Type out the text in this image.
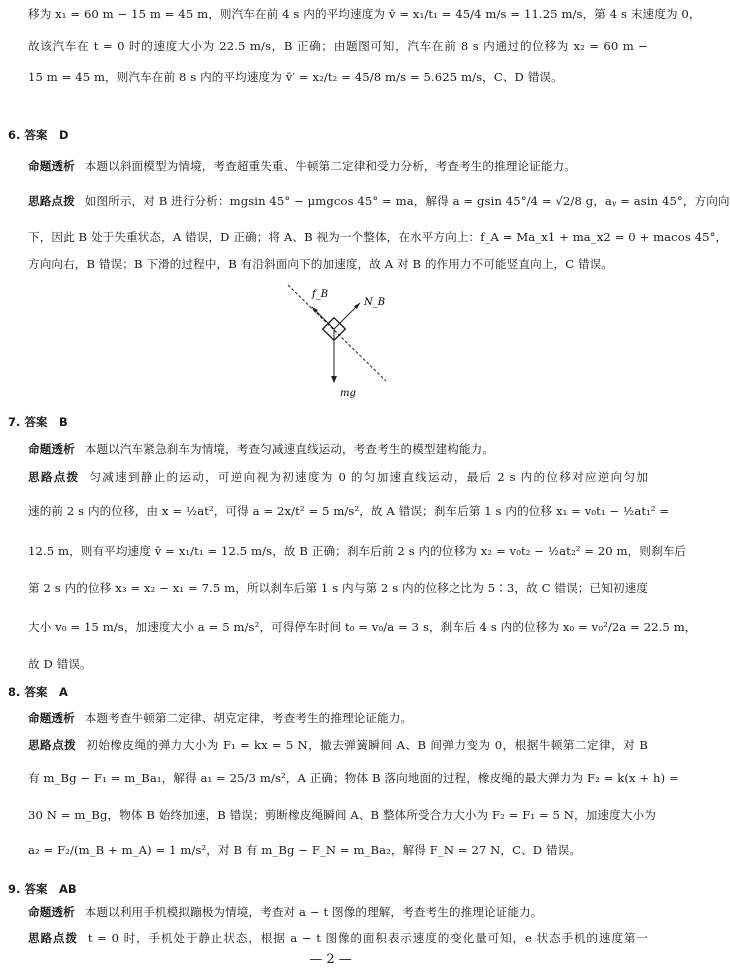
移为 x₁ = 60 m − 15 m = 45 m，则汽车在前 4 s 内的平均速度为 v̄ = x₁/t₁ = 45/4 m/s = 11.25 m/s，第 4 s 末速度为 0，
故该汽车在 t = 0 时的速度大小为 22.5 m/s，B 正确；由题图可知，汽车在前 8 s 内通过的位移为 x₂ = 60 m −
15 m = 45 m，则汽车在前 8 s 内的平均速度为 v̄′ = x₂/t₂ = 45/8 m/s = 5.625 m/s，C、D 错误。
6. 答案　D
命题透析 本题以斜面模型为情境，考查超重失重、牛顿第二定律和受力分析，考查考生的推理论证能力。
思路点拨 如图所示，对 B 进行分析：mgsin 45° − μmgcos 45° = ma，解得 a = gsin 45°/4 = √2/8 g，aᵧ = asin 45°，方向向
下，因此 B 处于失重状态，A 错误，D 正确；将 A、B 视为一个整体，在水平方向上：f_A = Ma_x1 + ma_x2 = 0 + macos 45°，
方向向右，B 错误；B 下滑的过程中，B 有沿斜面向下的加速度，故 A 对 B 的作用力不可能竖直向上，C 错误。
f_B
N_B
mg
7. 答案　B
命题透析 本题以汽车紧急刹车为情境，考查匀减速直线运动，考查考生的模型建构能力。
思路点拨 匀减速到静止的运动，可逆向视为初速度为 0 的匀加速直线运动，最后 2 s 内的位移对应逆向匀加
速的前 2 s 内的位移，由 x = ½at²，可得 a = 2x/t² = 5 m/s²，故 A 错误；刹车后第 1 s 内的位移 x₁ = v₀t₁ − ½at₁² =
12.5 m，则有平均速度 v̄ = x₁/t₁ = 12.5 m/s，故 B 正确；刹车后前 2 s 内的位移为 x₂ = v₀t₂ − ½at₂² = 20 m，则刹车后
第 2 s 内的位移 x₃ = x₂ − x₁ = 7.5 m，所以刹车后第 1 s 内与第 2 s 内的位移之比为 5∶3，故 C 错误；已知初速度
大小 v₀ = 15 m/s，加速度大小 a = 5 m/s²，可得停车时间 t₀ = v₀/a = 3 s，刹车后 4 s 内的位移为 x₀ = v₀²/2a = 22.5 m，
故 D 错误。
8. 答案　A
命题透析 本题考查牛顿第二定律、胡克定律，考查考生的推理论证能力。
思路点拨 初始橡皮绳的弹力大小为 F₁ = kx = 5 N，撤去弹簧瞬间 A、B 间弹力变为 0，根据牛顿第二定律，对 B
有 m_Bg − F₁ = m_Ba₁，解得 a₁ = 25/3 m/s²，A 正确；物体 B 落向地面的过程，橡皮绳的最大弹力为 F₂ = k(x + h) =
30 N = m_Bg，物体 B 始终加速，B 错误；剪断橡皮绳瞬间 A、B 整体所受合力大小为 F₂ = F₁ = 5 N，加速度大小为
a₂ = F₂/(m_B + m_A) = 1 m/s²，对 B 有 m_Bg − F_N = m_Ba₂，解得 F_N = 27 N，C、D 错误。
9. 答案　AB
命题透析 本题以利用手机模拟蹦极为情境，考查对 a − t 图像的理解，考查考生的推理论证能力。
思路点拨 t = 0 时，手机处于静止状态，根据 a − t 图像的面积表示速度的变化量可知，e 状态手机的速度第一
— 2 —
